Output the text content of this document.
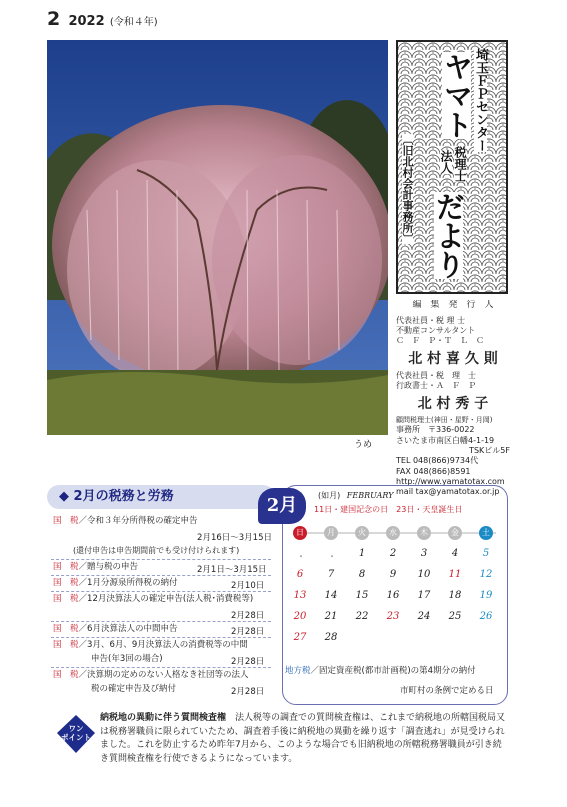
2 2022 (令和４年)
うめ
埼玉ＦＰセンター
ヤマト
税理士
法人
だより
〔旧北村会計事務所〕
編　集　発　行　人
代表社員・税 理 士
不動産コンサルタント
Ｃ　Ｆ　Ｐ・Ｔ　Ｌ　Ｃ
北 村 喜 久 則
代表社員・税　理　士
行政書士・Ａ　Ｆ　Ｐ
北 村 秀 子
顧問税理士(神田・星野・月岡)
事務所　〒336-0022
さいたま市南区白幡4-1-19
TSKビル5F
TEL 048(866)9734代
FAX 048(866)8591
http://www.yamatotax.com
mail tax@yamatotax.or.jp
◆ 2月の税務と労務
国　税／令和３年分所得税の確定申告
2月16日～3月15日
(還付申告は申告期間前でも受け付けられます)
国　税／贈与税の申告	2月1日～3月15日
国　税／1月分源泉所得税の納付	2月10日
国　税／12月決算法人の確定申告(法人税･消費税等)
2月28日
国　税／6月決算法人の中間申告	2月28日
国　税／3月、6月、9月決算法人の消費税等の中間
申告(年3回の場合)	2月28日
国　税／決算期の定めのない人格なき社団等の法人
税の確定申告及び納付	2月28日
2月	(如月) FEBRUARY
11日・建国記念の日　23日・天皇誕生日
日	月	火	水	木	金	土
・	・	1	2	3	4	5
6	7	8	9	10	11	12
13	14	15	16	17	18	19
20	21	22	23	24	25	26
27	28
地方税／固定資産税(都市計画税)の第4期分の納付
市町村の条例で定める日
ワン
ポイント
納税地の異動に伴う質問検査権　法人税等の調査での質問検査権は、これまで納税地の所轄国税局又は税務署職員に限られていたため、調査着手後に納税地の異動を繰り返す「調査逃れ」が見受けられました。これを防止するため昨年7月から、このような場合でも旧納税地の所轄税務署職員が引き続き質問検査権を行使できるようになっています。
